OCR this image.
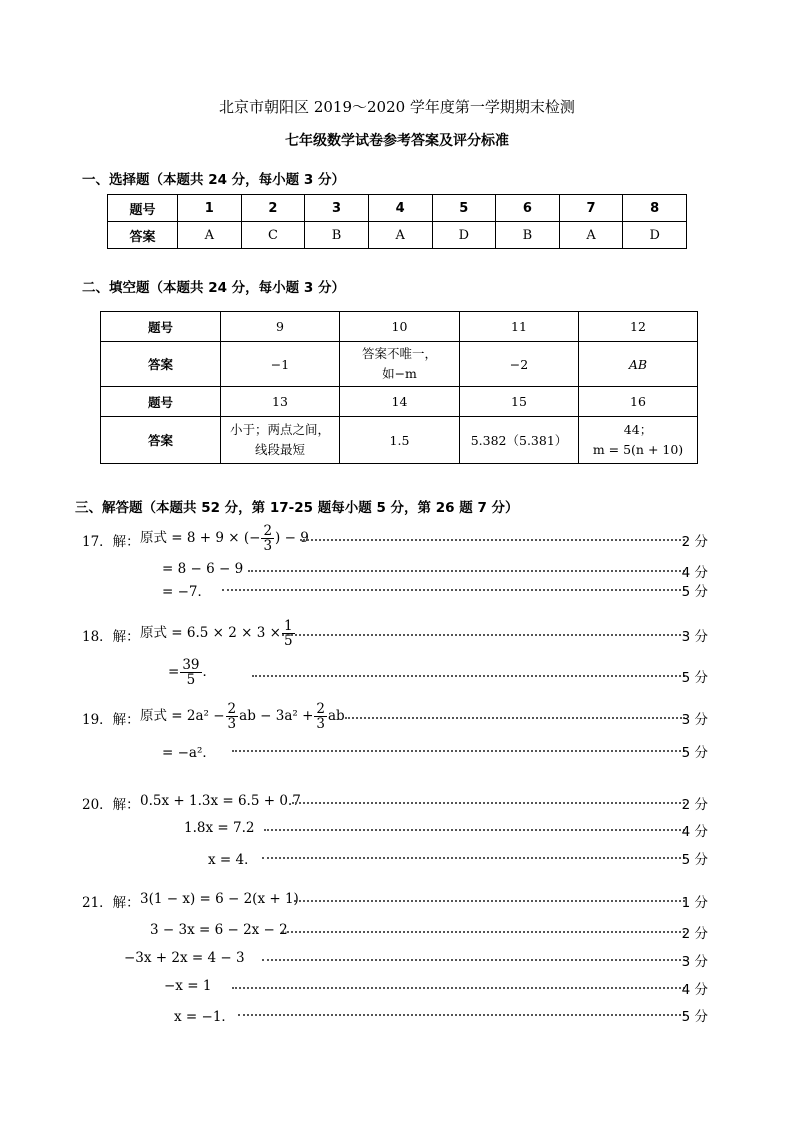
北京市朝阳区 2019～2020 学年度第一学期期末检测
七年级数学试卷参考答案及评分标准
一、选择题（本题共 24 分，每小题 3 分）
题号	1	2	3	4	5	6	7	8
答案	A	C	B	A	D	B	A	D
二、填空题（本题共 24 分，每小题 3 分）
题号	9	10	11	12
答案	−1	答案不唯一，
如−m	−2	AB
题号	13	14	15	16
答案	小于；两点之间，
线段最短	1.5	5.382（5.381）	44；
m = 5(n + 10)
三、解答题（本题共 52 分，第 17-25 题每小题 5 分，第 26 题 7 分）
17．解： 原式 = 8 + 9 × (− $\frac{2}{3}$ ) − 9	2 分
= 8 − 6 − 9	4 分
= −7．	5 分
18．解： 原式 = $6.5 \times 2 \times 3 \times \frac{1}{5}$	3 分
= $\frac{39}{5}$ ．	5 分
19．解： 原式 = $2a^2 - \frac{2}{3}$ ab − $3a^2 + \frac{2}{3}$ ab	3 分
= −a²．	5 分
20．解： 0.5x + 1.3x = 6.5 + 0.7	2 分
1.8x = 7.2	4 分
x = 4．	5 分
21．解： 3(1 − x) = 6 − 2(x + 1)	1 分
3 − 3x = 6 − 2x − 2	2 分
−3x + 2x = 4 − 3	3 分
−x = 1	4 分
x = −1．	5 分
